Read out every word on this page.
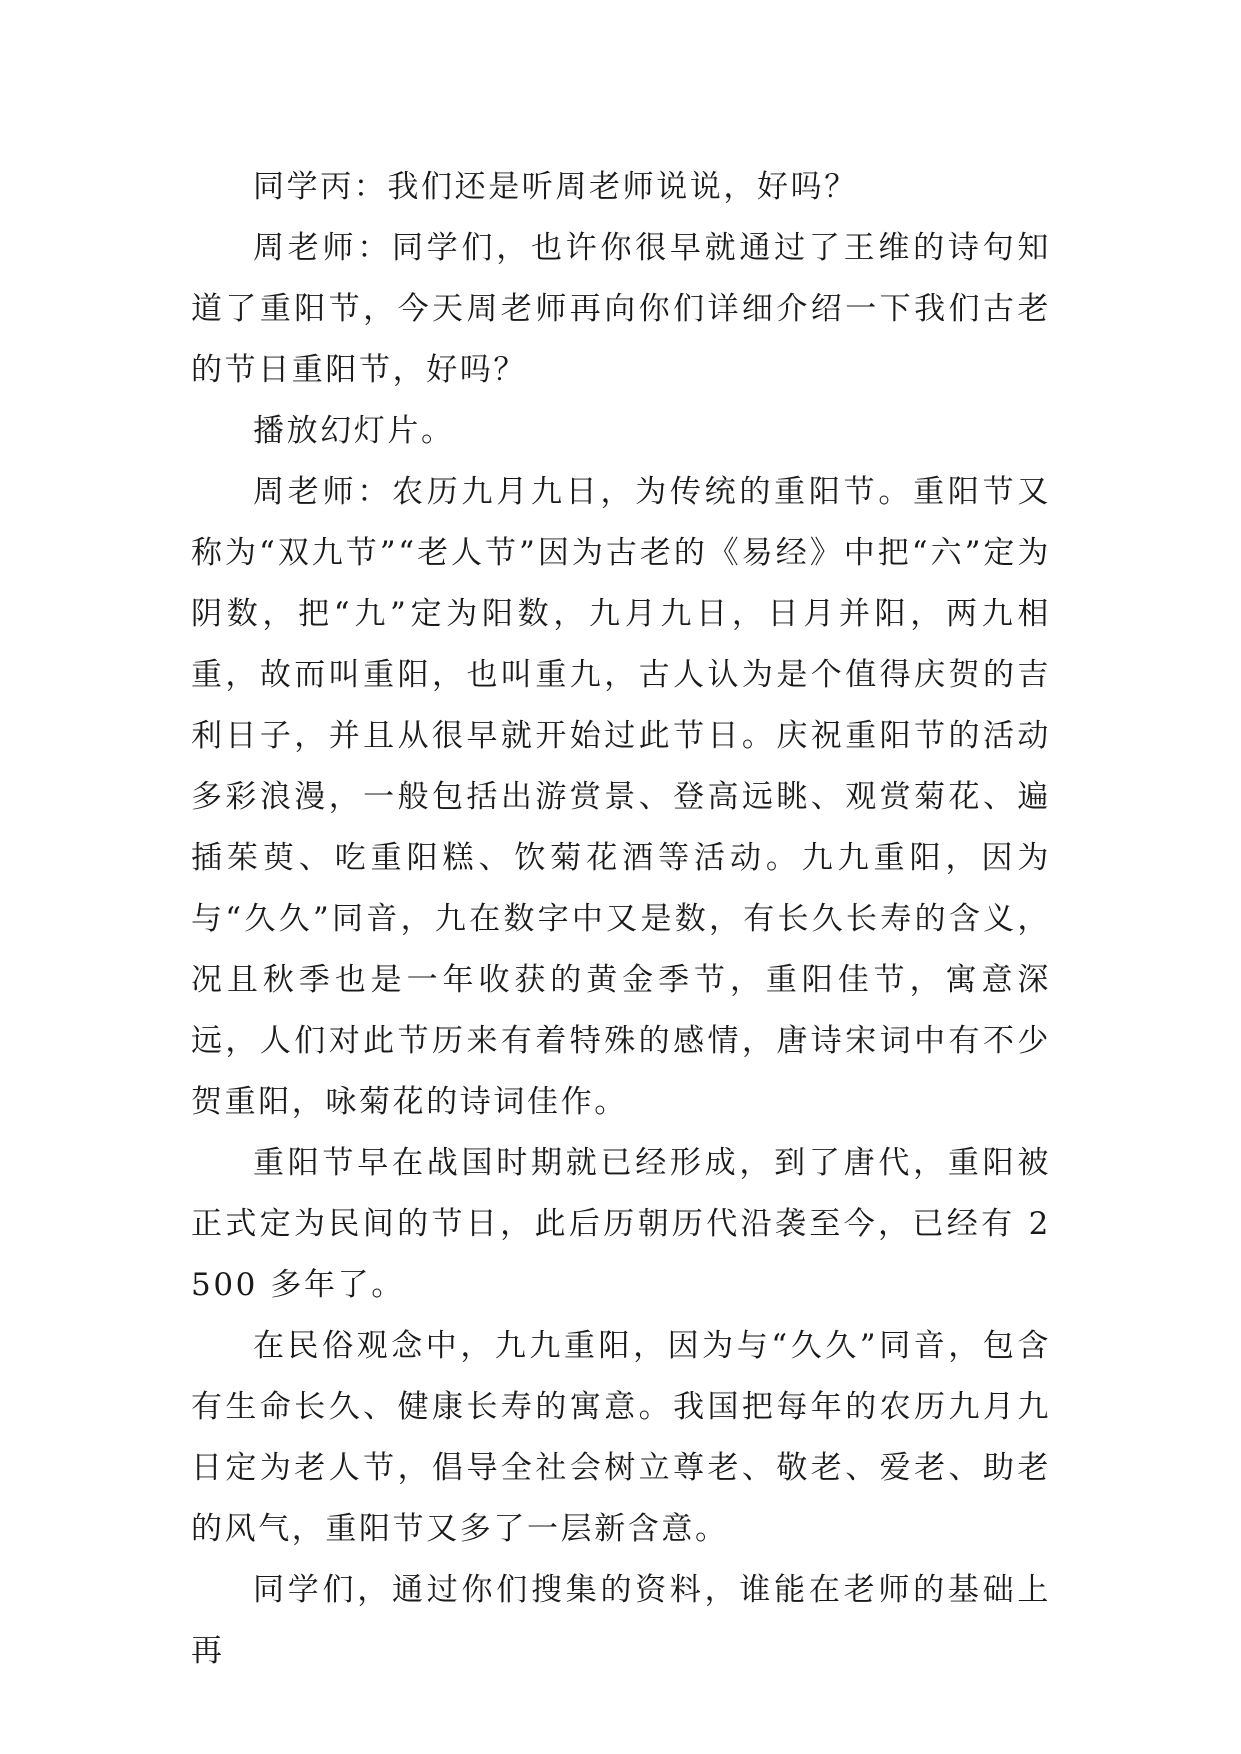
同学丙：我们还是听周老师说说，好吗？

周老师：同学们，也许你很早就通过了王维的诗句知道了重阳节，今天周老师再向你们详细介绍一下我们古老的节日重阳节，好吗？

播放幻灯片。

周老师：农历九月九日，为传统的重阳节。重阳节又称为“双九节”“老人节”因为古老的《易经》中把“六”定为阴数，把“九”定为阳数，九月九日，日月并阳，两九相重，故而叫重阳，也叫重九，古人认为是个值得庆贺的吉利日子，并且从很早就开始过此节日。庆祝重阳节的活动多彩浪漫，一般包括出游赏景、登高远眺、观赏菊花、遍插茱萸、吃重阳糕、饮菊花酒等活动。九九重阳，因为与“久久”同音，九在数字中又是数，有长久长寿的含义，况且秋季也是一年收获的黄金季节，重阳佳节，寓意深远，人们对此节历来有着特殊的感情，唐诗宋词中有不少贺重阳，咏菊花的诗词佳作。

重阳节早在战国时期就已经形成，到了唐代，重阳被正式定为民间的节日，此后历朝历代沿袭至今，已经有 2500 多年了。

在民俗观念中，九九重阳，因为与“久久”同音，包含有生命长久、健康长寿的寓意。我国把每年的农历九月九日定为老人节，倡导全社会树立尊老、敬老、爱老、助老的风气，重阳节又多了一层新含意。

同学们，通过你们搜集的资料，谁能在老师的基础上再
